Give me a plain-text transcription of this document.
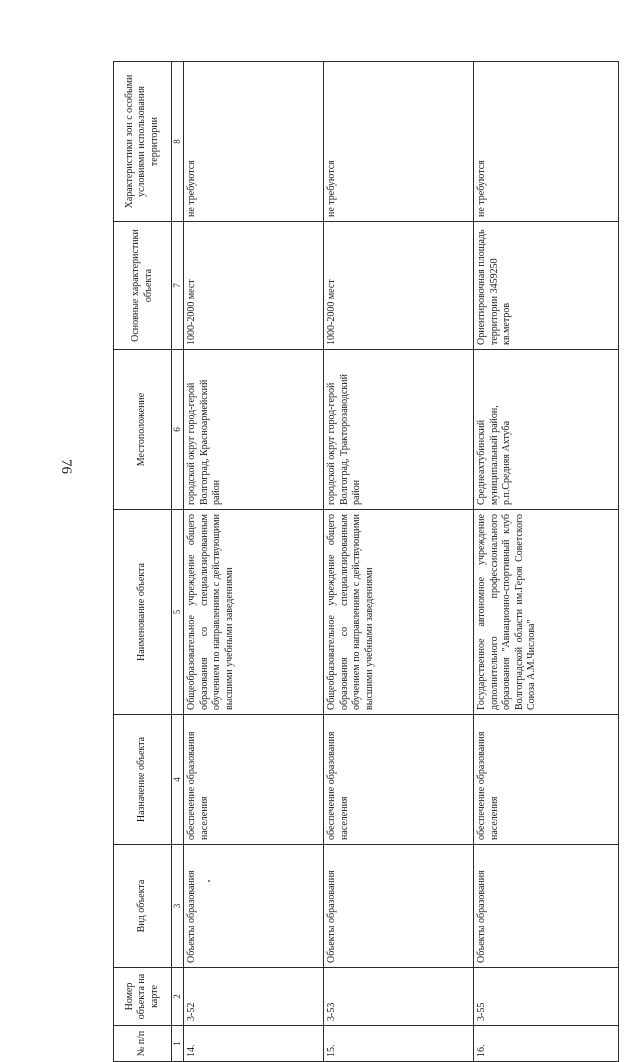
76
№ п/п	Номер объекта на карте	Вид объекта	Назначение объекта	Наименование объекта	Местоположение	Основные характеристики объекта	Характеристики зон с особыми условиями использования территории
1	2	3	4	5	6	7	8
14.	3-52	Объекты образования	обеспечение образования населения	Общеобразовательное учреждение общего образования со специализированным обучением по направлениям с действующими высшими учебными заведениями	городской округ город-герой Волгоград, Красноармейский район	1000-2000 мест	не требуются
15.	3-53	Объекты образования	обеспечение образования населения	Общеобразовательное учреждение общего образования со специализированным обучением по направлениям с действующими высшими учебными заведениями	городской округ город-герой Волгоград, Тракторозаводский район	1000-2000 мест	не требуются
16.	3-55	Объекты образования	обеспечение образования населения	Государственное автономное учреждение дополнительного профессионального образования "Авиационно-спортивный клуб Волгоградской области им.Героя Советского Союза А.М.Числова"	Среднеахтубинский муниципальный район, р.п.Средняя Ахтуба	Ориентировочная площадь территории 3459250 кв.метров	не требуются
